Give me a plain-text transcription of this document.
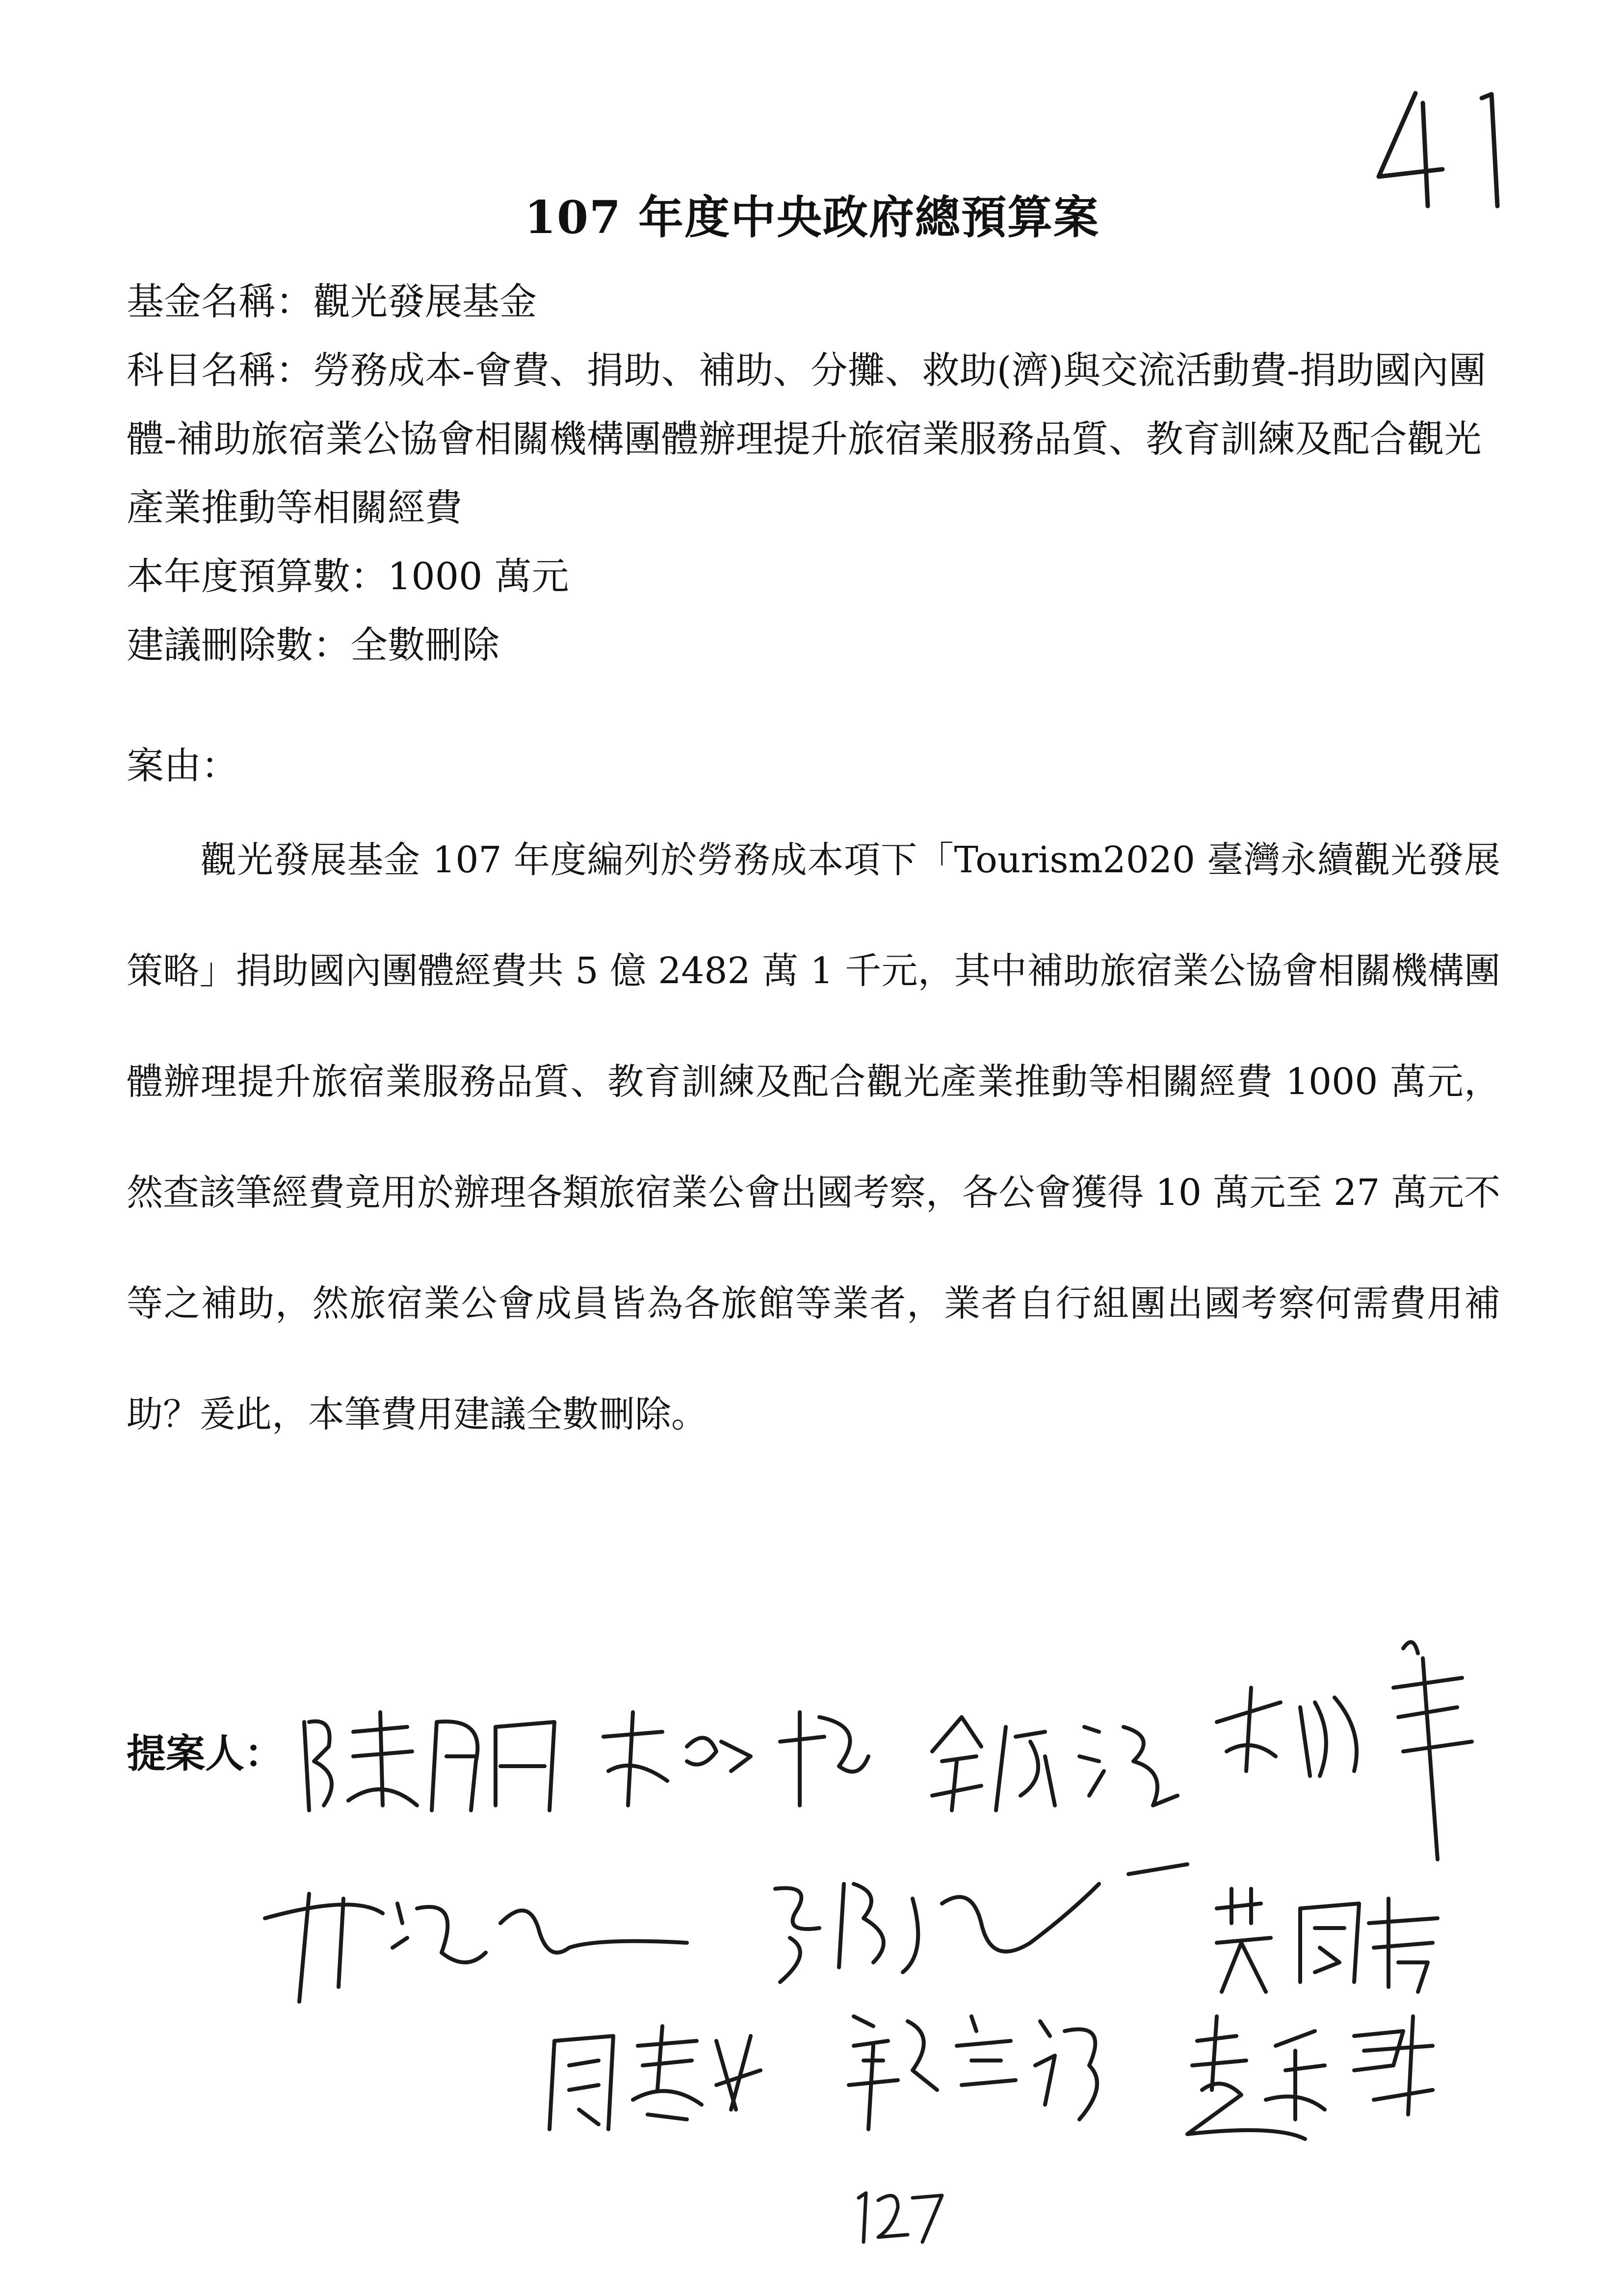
107 年度中央政府總預算案
基金名稱：觀光發展基金
科目名稱：勞務成本-會費、捐助、補助、分攤、救助(濟)與交流活動費-捐助國內團體-補助旅宿業公協會相關機構團體辦理提升旅宿業服務品質、教育訓練及配合觀光產業推動等相關經費
本年度預算數：1000 萬元
建議刪除數：全數刪除
案由：
觀光發展基金 107 年度編列於勞務成本項下「Tourism2020 臺灣永續觀光發展策略」捐助國內團體經費共 5 億 2482 萬 1 千元，其中補助旅宿業公協會相關機構團體辦理提升旅宿業服務品質、教育訓練及配合觀光產業推動等相關經費 1000 萬元，然查該筆經費竟用於辦理各類旅宿業公會出國考察，各公會獲得 10 萬元至 27 萬元不等之補助，然旅宿業公會成員皆為各旅館等業者，業者自行組團出國考察何需費用補助？爰此，本筆費用建議全數刪除。
提案人：
